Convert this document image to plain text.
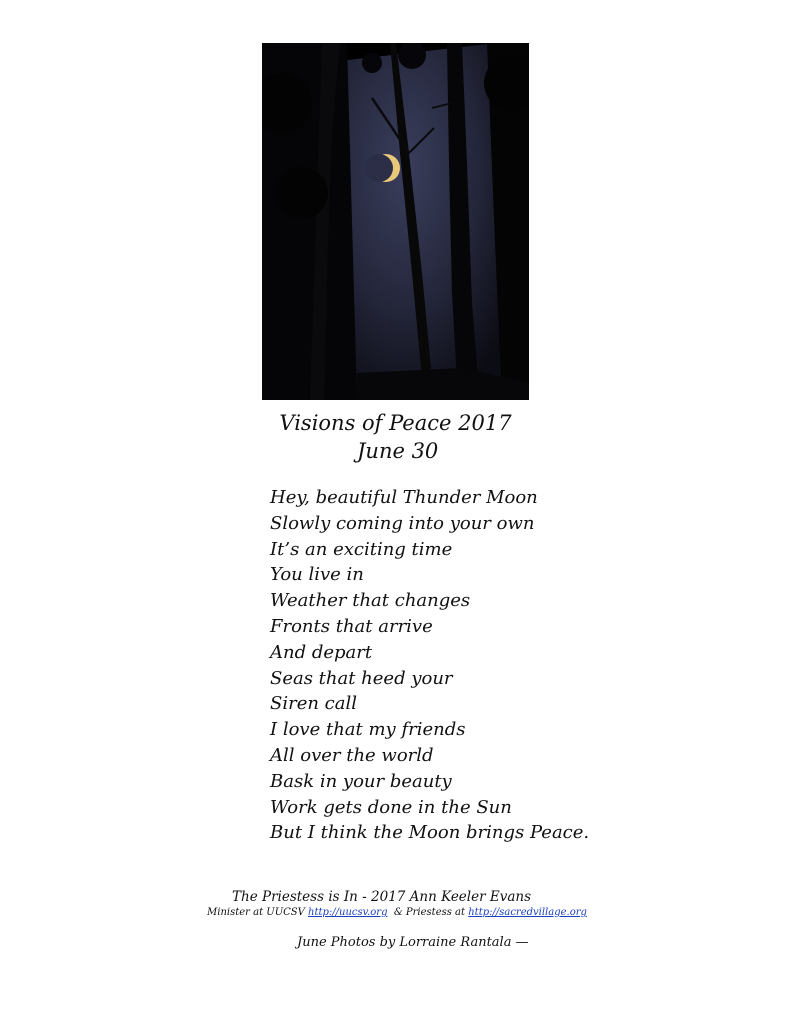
Visions of Peace 2017
June 30
Hey, beautiful Thunder Moon
Slowly coming into your own
It’s an exciting time
You live in
Weather that changes
Fronts that arrive
And depart
Seas that heed your
Siren call
I love that my friends
All over the world
Bask in your beauty
Work gets done in the Sun
But I think the Moon brings Peace.
The Priestess is In - 2017 Ann Keeler Evans
Minister at UUCSV http://uucsv.org & Priestess at http://sacredvillage.org
June Photos by Lorraine Rantala —
